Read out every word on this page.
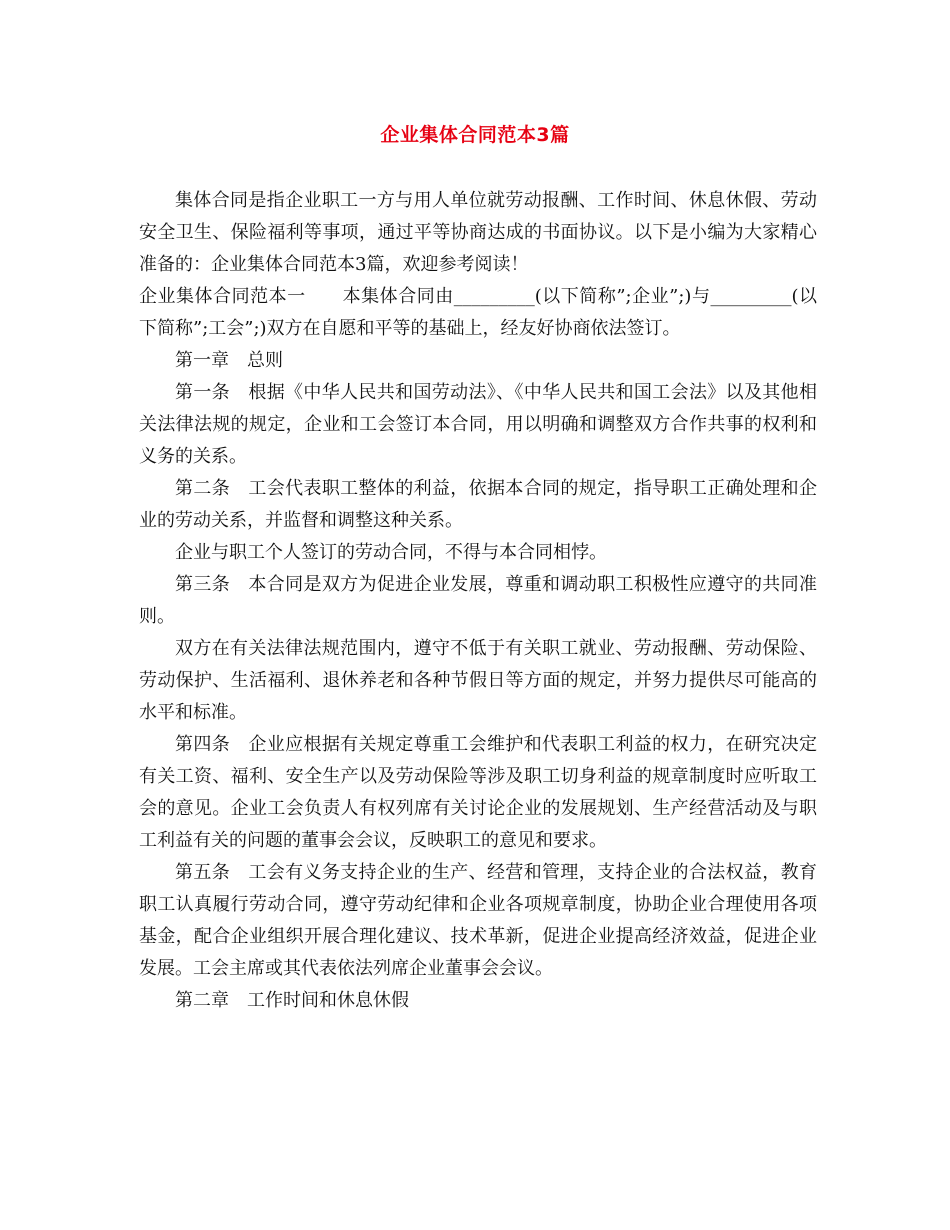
企业集体合同范本3篇

集体合同是指企业职工一方与用人单位就劳动报酬、工作时间、休息休假、劳动安全卫生、保险福利等事项，通过平等协商达成的书面协议。以下是小编为大家精心准备的：企业集体合同范本3篇，欢迎参考阅读！

企业集体合同范本一　　本集体合同由_________(以下简称”;企业”;)与_________(以下简称”;工会”;)双方在自愿和平等的基础上，经友好协商依法签订。

第一章　总则

第一条　根据《中华人民共和国劳动法》、《中华人民共和国工会法》以及其他相关法律法规的规定，企业和工会签订本合同，用以明确和调整双方合作共事的权利和义务的关系。

第二条　工会代表职工整体的利益，依据本合同的规定，指导职工正确处理和企业的劳动关系，并监督和调整这种关系。

企业与职工个人签订的劳动合同，不得与本合同相悖。

第三条　本合同是双方为促进企业发展，尊重和调动职工积极性应遵守的共同准则。

双方在有关法律法规范围内，遵守不低于有关职工就业、劳动报酬、劳动保险、劳动保护、生活福利、退休养老和各种节假日等方面的规定，并努力提供尽可能高的水平和标准。

第四条　企业应根据有关规定尊重工会维护和代表职工利益的权力，在研究决定有关工资、福利、安全生产以及劳动保险等涉及职工切身利益的规章制度时应听取工会的意见。企业工会负责人有权列席有关讨论企业的发展规划、生产经营活动及与职工利益有关的问题的董事会会议，反映职工的意见和要求。

第五条　工会有义务支持企业的生产、经营和管理，支持企业的合法权益，教育职工认真履行劳动合同，遵守劳动纪律和企业各项规章制度，协助企业合理使用各项基金，配合企业组织开展合理化建议、技术革新，促进企业提高经济效益，促进企业发展。工会主席或其代表依法列席企业董事会会议。

第二章　工作时间和休息休假
